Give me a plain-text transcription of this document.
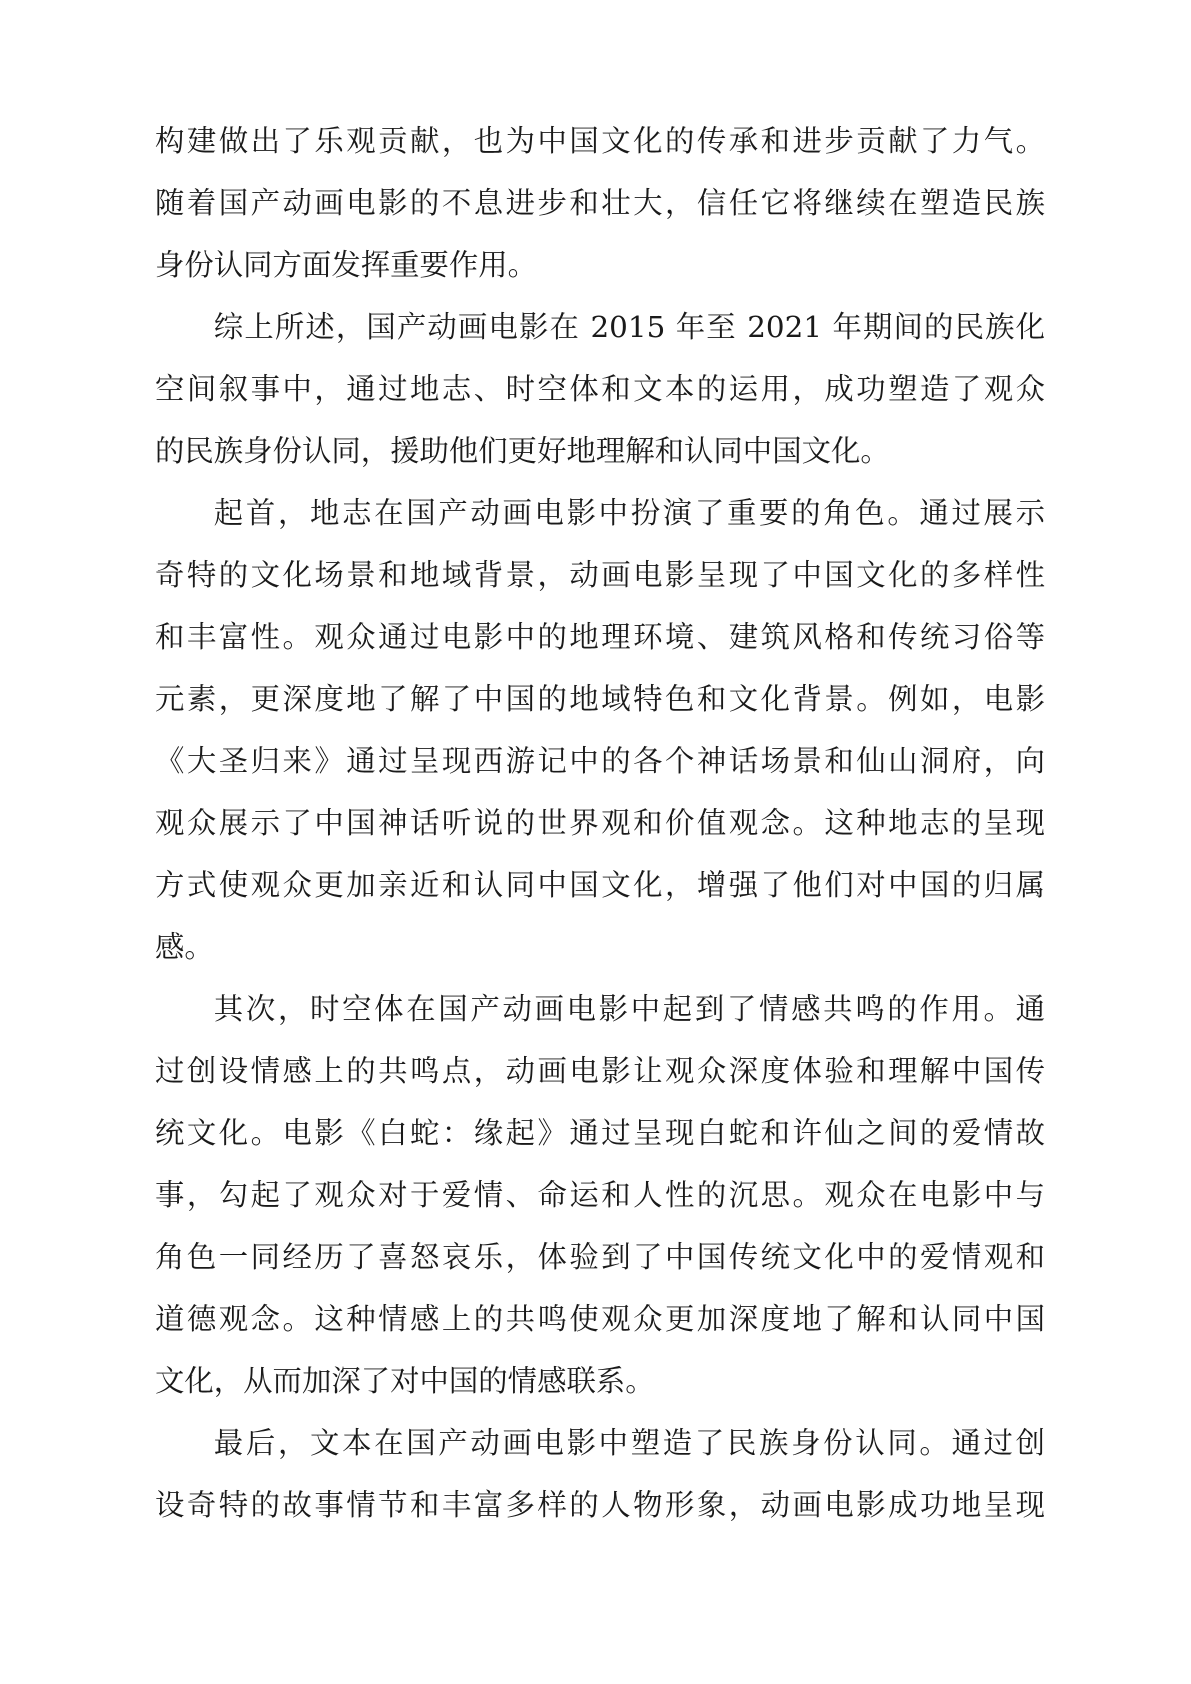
构建做出了乐观贡献，也为中国文化的传承和进步贡献了力气。
随着国产动画电影的不息进步和壮大，信任它将继续在塑造民族
身份认同方面发挥重要作用。

综上所述，国产动画电影在 2015 年至 2021 年期间的民族化
空间叙事中，通过地志、时空体和文本的运用，成功塑造了观众
的民族身份认同，援助他们更好地理解和认同中国文化。

起首，地志在国产动画电影中扮演了重要的角色。通过展示
奇特的文化场景和地域背景，动画电影呈现了中国文化的多样性
和丰富性。观众通过电影中的地理环境、建筑风格和传统习俗等
元素，更深度地了解了中国的地域特色和文化背景。例如，电影
《大圣归来》通过呈现西游记中的各个神话场景和仙山洞府，向
观众展示了中国神话听说的世界观和价值观念。这种地志的呈现
方式使观众更加亲近和认同中国文化，增强了他们对中国的归属
感。

其次，时空体在国产动画电影中起到了情感共鸣的作用。通
过创设情感上的共鸣点，动画电影让观众深度体验和理解中国传
统文化。电影《白蛇：缘起》通过呈现白蛇和许仙之间的爱情故
事，勾起了观众对于爱情、命运和人性的沉思。观众在电影中与
角色一同经历了喜怒哀乐，体验到了中国传统文化中的爱情观和
道德观念。这种情感上的共鸣使观众更加深度地了解和认同中国
文化，从而加深了对中国的情感联系。

最后，文本在国产动画电影中塑造了民族身份认同。通过创
设奇特的故事情节和丰富多样的人物形象，动画电影成功地呈现
